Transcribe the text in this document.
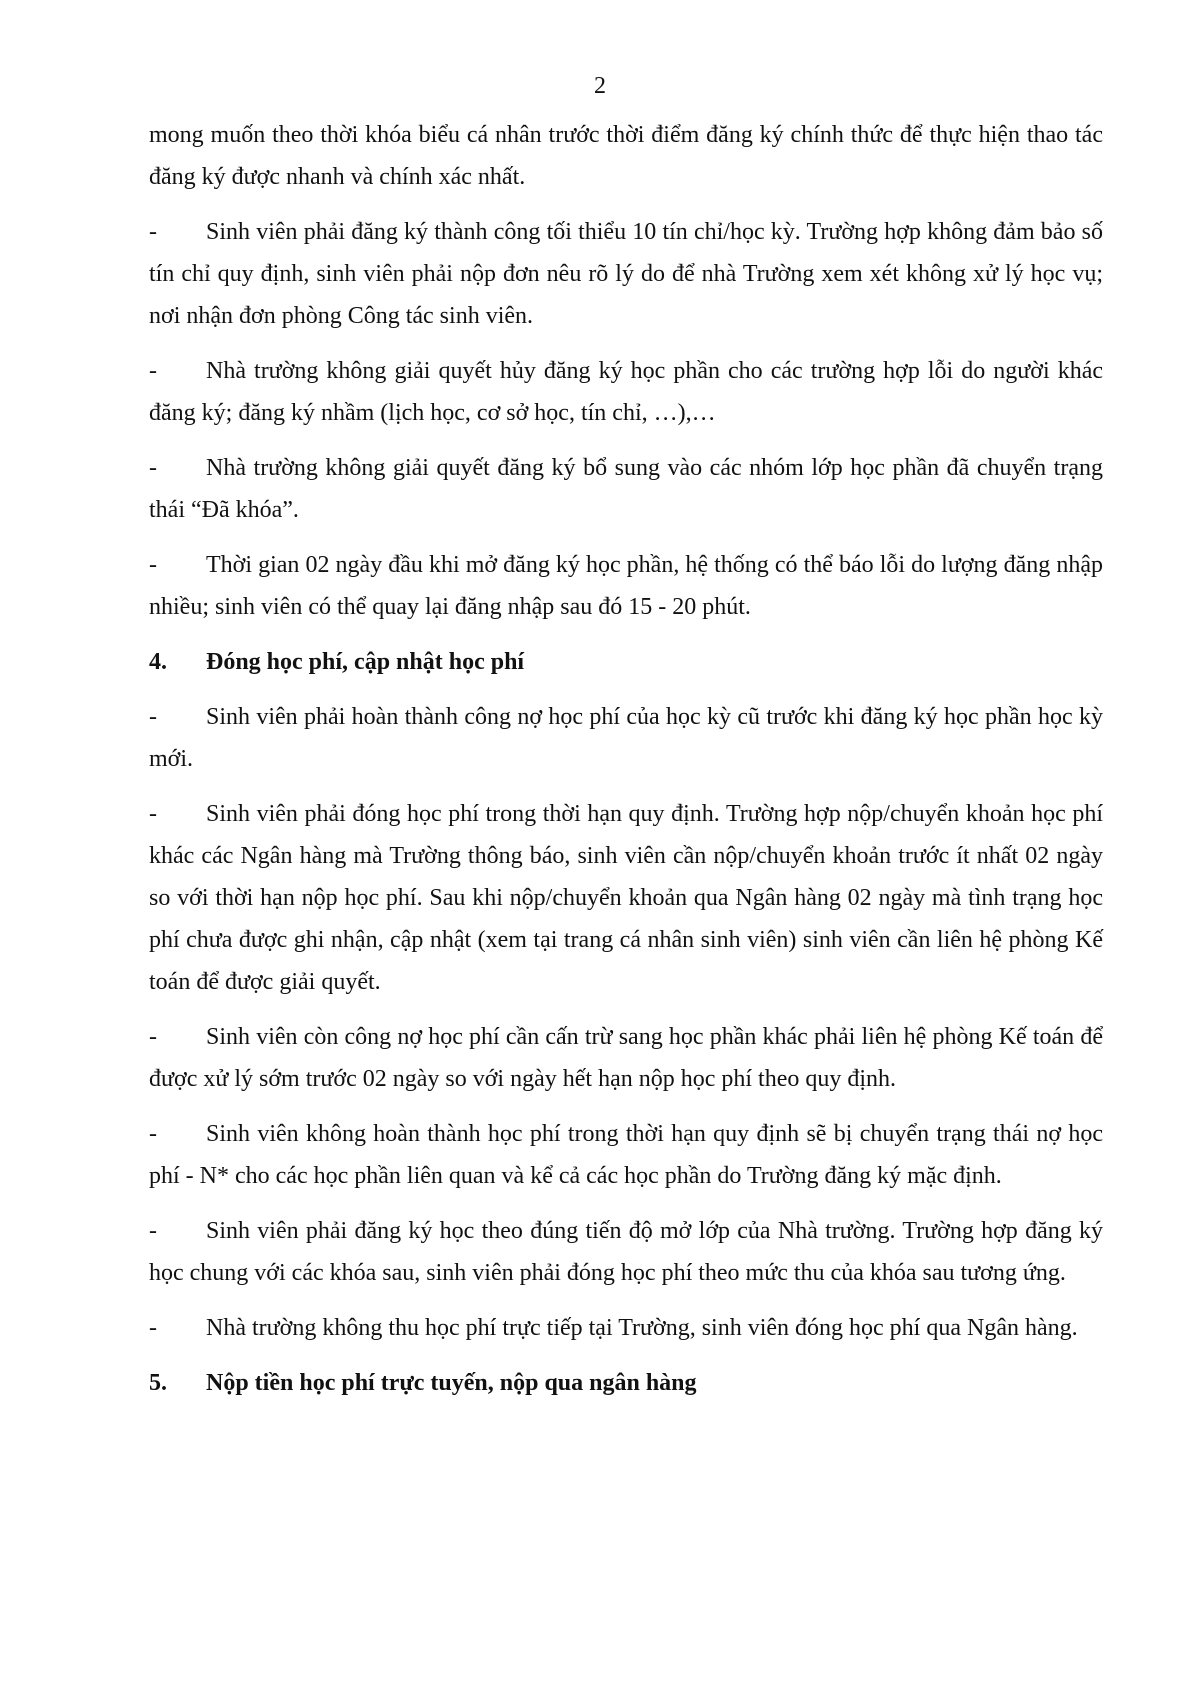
2

mong muốn theo thời khóa biểu cá nhân trước thời điểm đăng ký chính thức để thực hiện thao tác đăng ký được nhanh và chính xác nhất.

- Sinh viên phải đăng ký thành công tối thiểu 10 tín chỉ/học kỳ. Trường hợp không đảm bảo số tín chỉ quy định, sinh viên phải nộp đơn nêu rõ lý do để nhà Trường xem xét không xử lý học vụ; nơi nhận đơn phòng Công tác sinh viên.

- Nhà trường không giải quyết hủy đăng ký học phần cho các trường hợp lỗi do người khác đăng ký; đăng ký nhầm (lịch học, cơ sở học, tín chỉ, …),…

- Nhà trường không giải quyết đăng ký bổ sung vào các nhóm lớp học phần đã chuyển trạng thái “Đã khóa”.

- Thời gian 02 ngày đầu khi mở đăng ký học phần, hệ thống có thể báo lỗi do lượng đăng nhập nhiều; sinh viên có thể quay lại đăng nhập sau đó 15 - 20 phút.

4. Đóng học phí, cập nhật học phí

- Sinh viên phải hoàn thành công nợ học phí của học kỳ cũ trước khi đăng ký học phần học kỳ mới.

- Sinh viên phải đóng học phí trong thời hạn quy định. Trường hợp nộp/chuyển khoản học phí khác các Ngân hàng mà Trường thông báo, sinh viên cần nộp/chuyển khoản trước ít nhất 02 ngày so với thời hạn nộp học phí. Sau khi nộp/chuyển khoản qua Ngân hàng 02 ngày mà tình trạng học phí chưa được ghi nhận, cập nhật (xem tại trang cá nhân sinh viên) sinh viên cần liên hệ phòng Kế toán để được giải quyết.

- Sinh viên còn công nợ học phí cần cấn trừ sang học phần khác phải liên hệ phòng Kế toán để được xử lý sớm trước 02 ngày so với ngày hết hạn nộp học phí theo quy định.

- Sinh viên không hoàn thành học phí trong thời hạn quy định sẽ bị chuyển trạng thái nợ học phí - N* cho các học phần liên quan và kể cả các học phần do Trường đăng ký mặc định.

- Sinh viên phải đăng ký học theo đúng tiến độ mở lớp của Nhà trường. Trường hợp đăng ký học chung với các khóa sau, sinh viên phải đóng học phí theo mức thu của khóa sau tương ứng.

- Nhà trường không thu học phí trực tiếp tại Trường, sinh viên đóng học phí qua Ngân hàng.

5. Nộp tiền học phí trực tuyến, nộp qua ngân hàng
